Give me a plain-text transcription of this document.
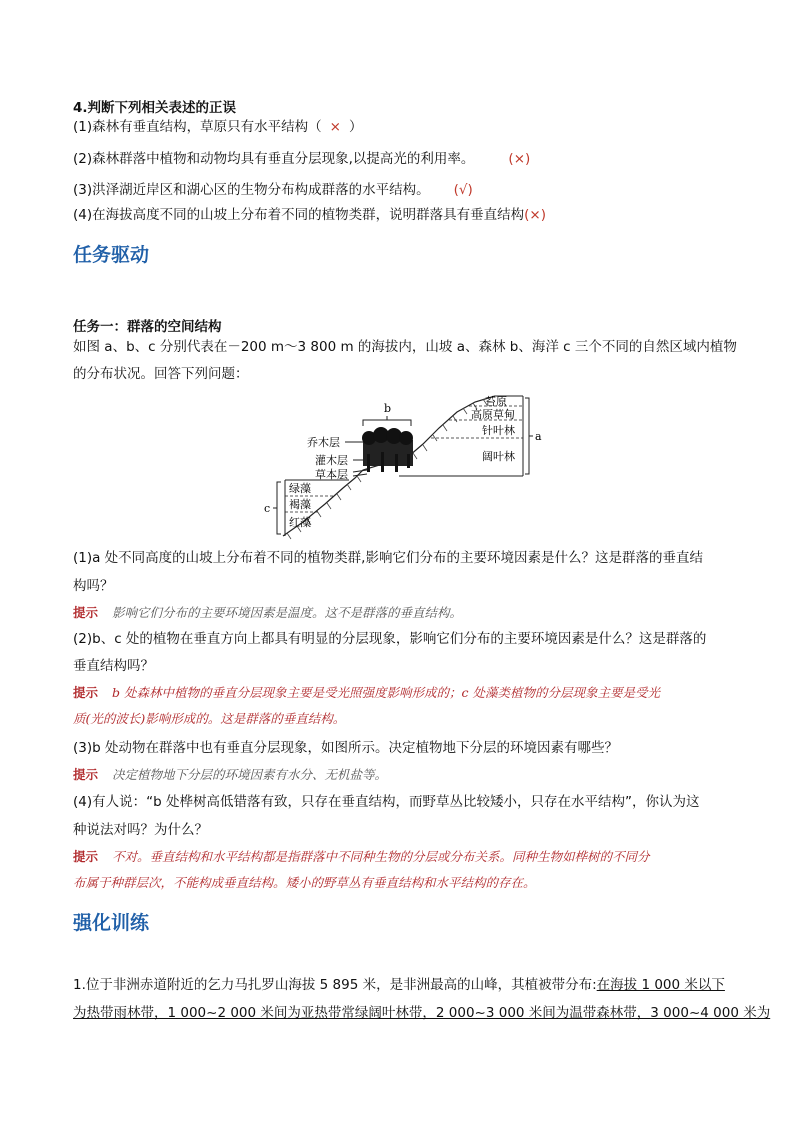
4.判断下列相关表述的正误
(1)森林有垂直结构，草原只有水平结构（ × ）
(2)森林群落中植物和动物均具有垂直分层现象,以提高光的利用率。	(×)
(3)洪泽湖近岸区和湖心区的生物分布构成群落的水平结构。 (√)
(4)在海拔高度不同的山坡上分布着不同的植物类群，说明群落具有垂直结构(×)
任务驱动
任务一：群落的空间结构
如图 a、b、c 分别代表在－200 m～3 800 m 的海拔内，山坡 a、森林 b、海洋 c 三个不同的自然区域内植物
的分布状况。回答下列问题：
b
乔木层
灌木层
草本层
绿藻
褐藻
红藻
c
苔原
高原草甸
针叶林
阔叶林
a
(1)a 处不同高度的山坡上分布着不同的植物类群,影响它们分布的主要环境因素是什么？这是群落的垂直结
构吗？
提示 影响它们分布的主要环境因素是温度。这不是群落的垂直结构。
(2)b、c 处的植物在垂直方向上都具有明显的分层现象，影响它们分布的主要环境因素是什么？这是群落的
垂直结构吗？
提示 b 处森林中植物的垂直分层现象主要是受光照强度影响形成的；c 处藻类植物的分层现象主要是受光
质(光的波长)影响形成的。这是群落的垂直结构。
(3)b 处动物在群落中也有垂直分层现象，如图所示。决定植物地下分层的环境因素有哪些？
提示 决定植物地下分层的环境因素有水分、无机盐等。
(4)有人说：“b 处桦树高低错落有致，只存在垂直结构，而野草丛比较矮小，只存在水平结构”，你认为这
种说法对吗？为什么？
提示 不对。垂直结构和水平结构都是指群落中不同种生物的分层或分布关系。同种生物如桦树的不同分
布属于种群层次，不能构成垂直结构。矮小的野草丛有垂直结构和水平结构的存在。
强化训练
1.位于非洲赤道附近的乞力马扎罗山海拔 5 895 米，是非洲最高的山峰，其植被带分布:在海拔 1 000 米以下
为热带雨林带，1 000~2 000 米间为亚热带常绿阔叶林带，2 000~3 000 米间为温带森林带，3 000~4 000 米为
